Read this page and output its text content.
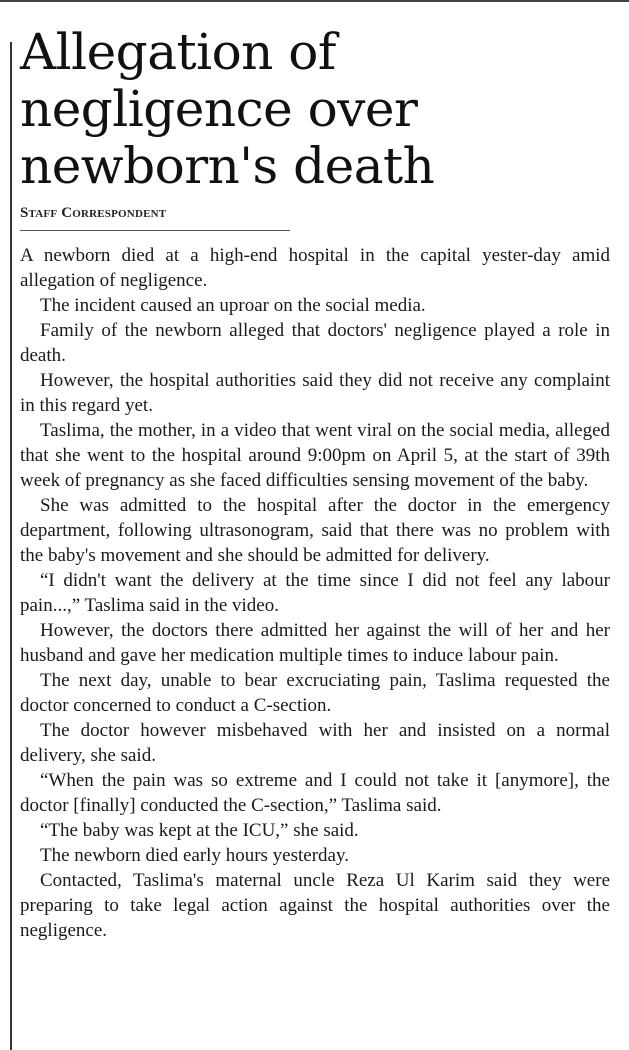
Allegation of negligence over newborn's death
Staff Correspondent

A newborn died at a high-end hospital in the capital yester-day amid allegation of negligence.

The incident caused an uproar on the social media.

Family of the newborn alleged that doctors' negligence played a role in death.

However, the hospital authorities said they did not receive any complaint in this regard yet.

Taslima, the mother, in a video that went viral on the social media, alleged that she went to the hospital around 9:00pm on April 5, at the start of 39th week of pregnancy as she faced difficulties sensing movement of the baby.

She was admitted to the hospital after the doctor in the emergency department, following ultrasonogram, said that there was no problem with the baby's movement and she should be admitted for delivery.

“I didn't want the delivery at the time since I did not feel any labour pain...,” Taslima said in the video.

However, the doctors there admitted her against the will of her and her husband and gave her medication multiple times to induce labour pain.

The next day, unable to bear excruciating pain, Taslima requested the doctor concerned to conduct a C-section.

The doctor however misbehaved with her and insisted on a normal delivery, she said.

“When the pain was so extreme and I could not take it [anymore], the doctor [finally] conducted the C-section,” Taslima said.

“The baby was kept at the ICU,” she said.

The newborn died early hours yesterday.

Contacted, Taslima's maternal uncle Reza Ul Karim said they were preparing to take legal action against the hospital authorities over the negligence.
